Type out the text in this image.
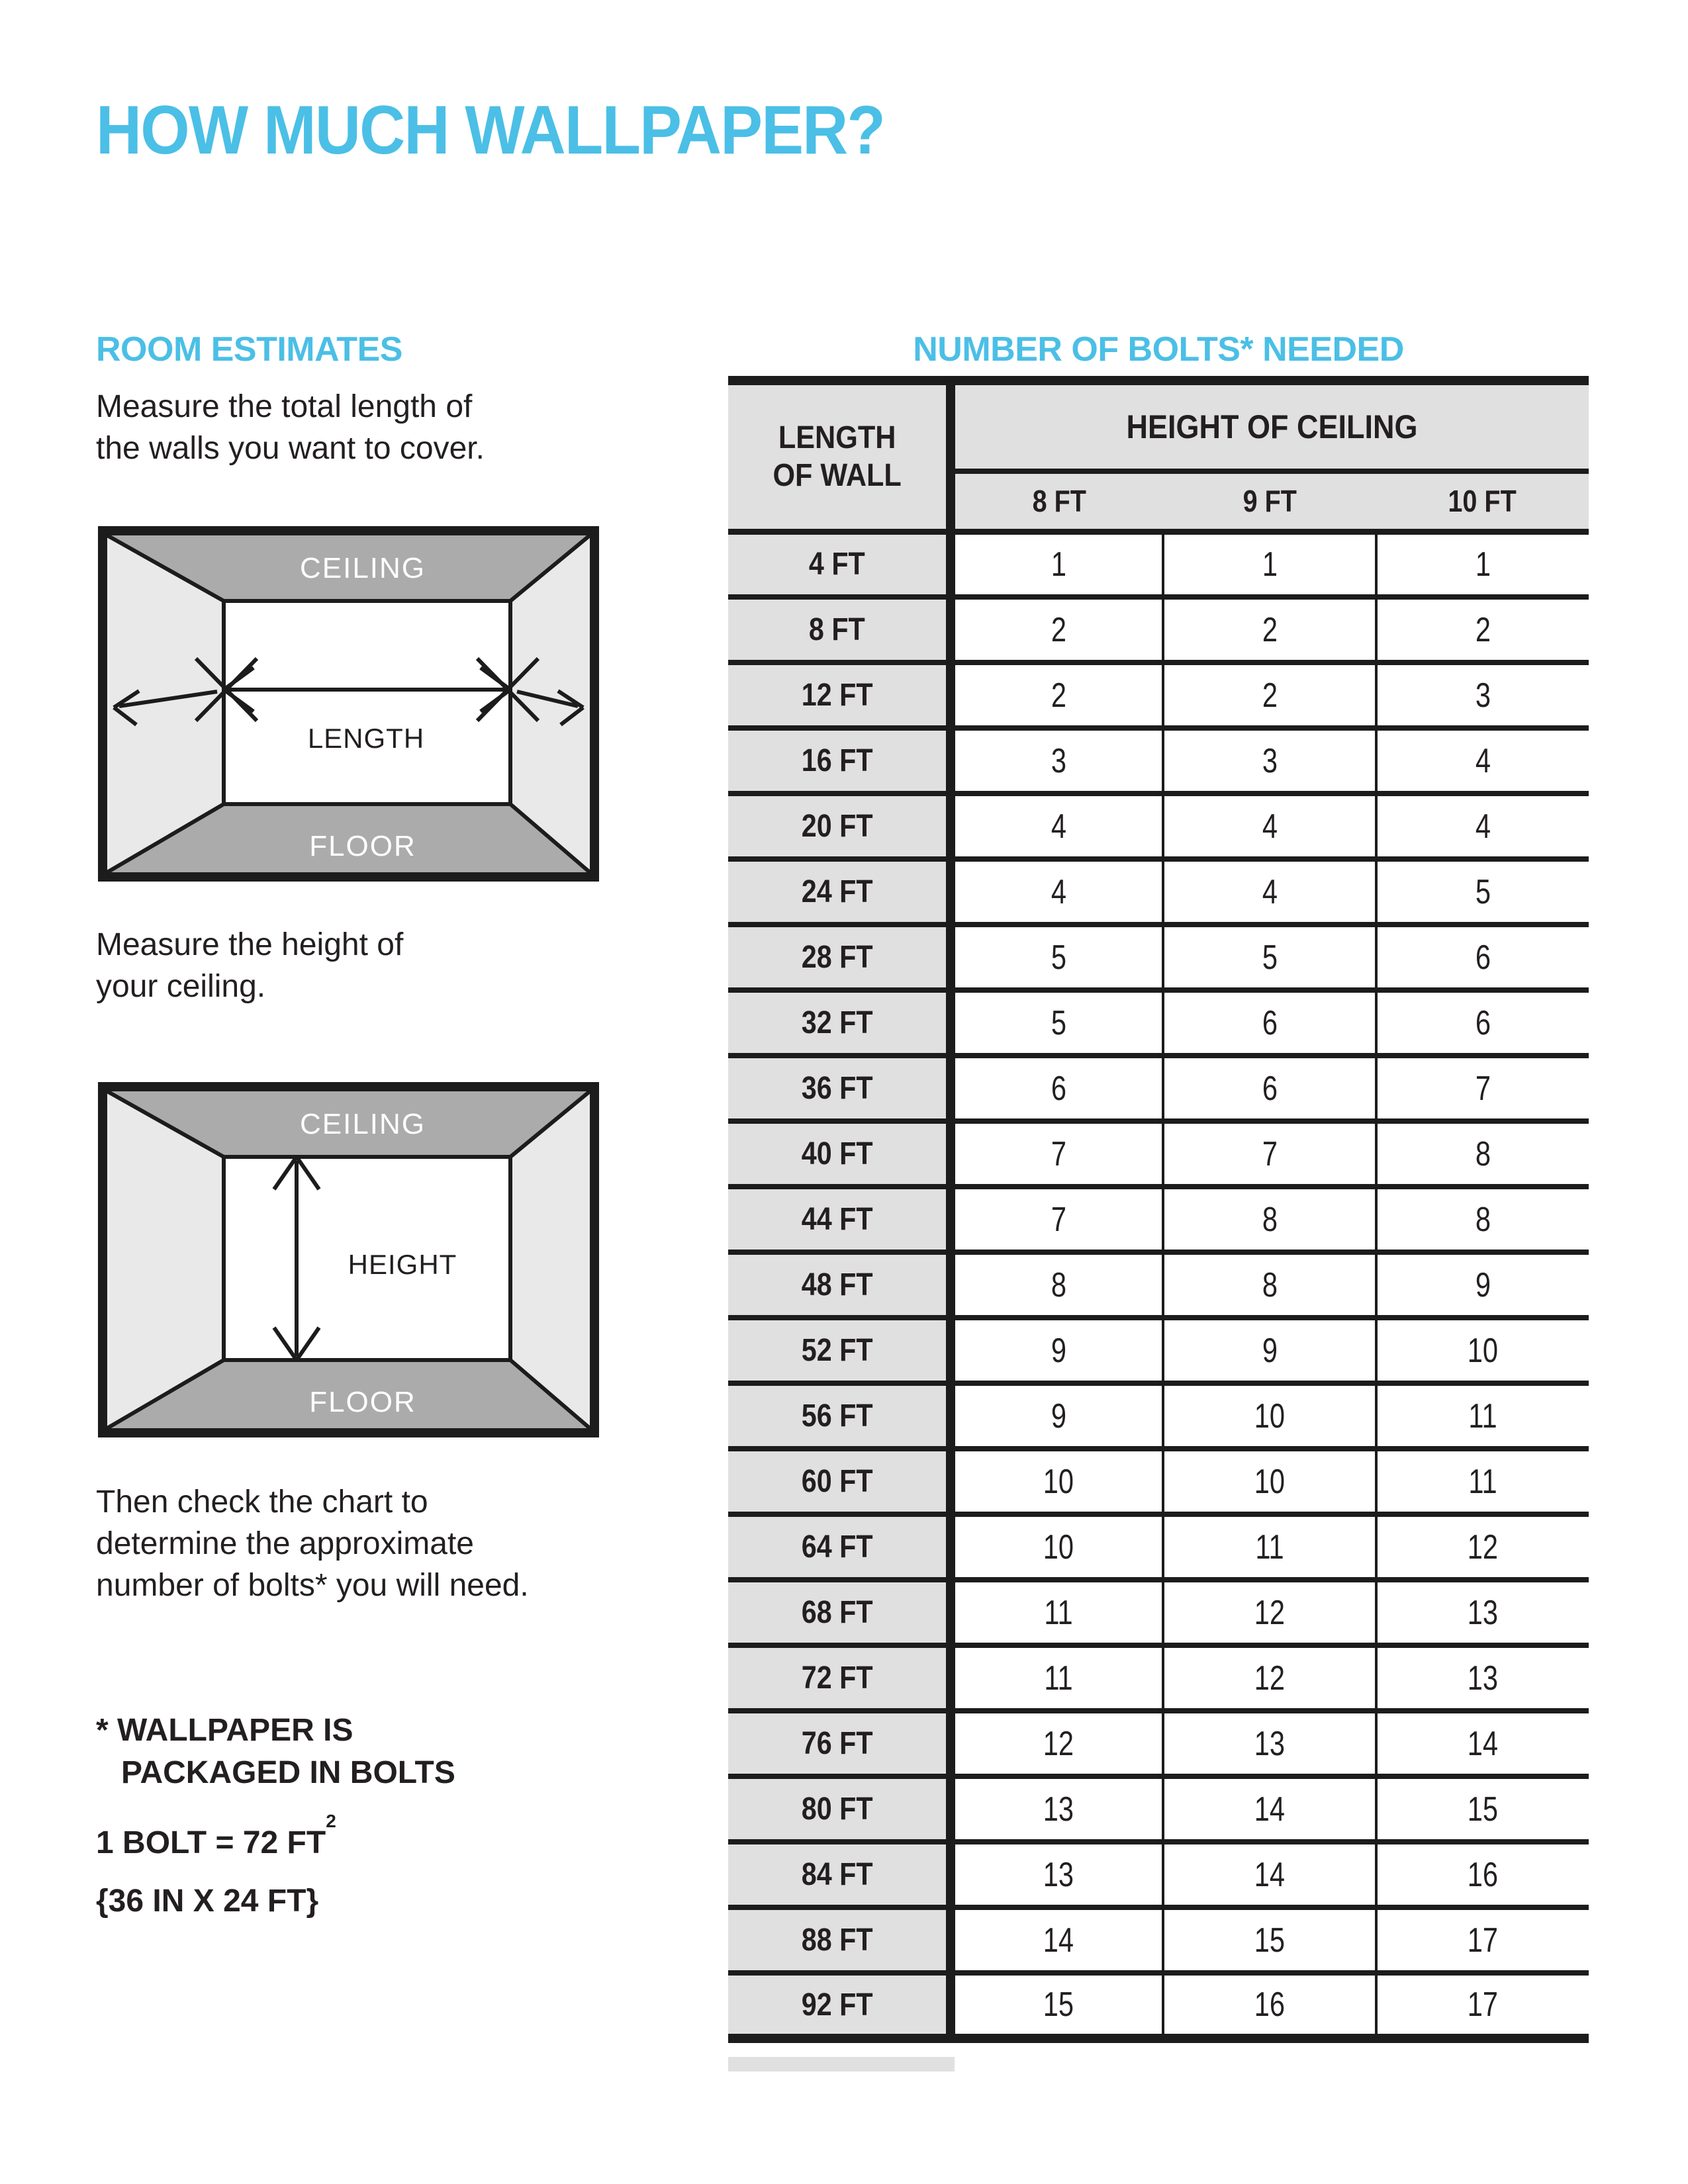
HOW MUCH WALLPAPER?
ROOM ESTIMATES	NUMBER OF BOLTS* NEEDED
Measure the total length of
the walls you want to cover.
CEILING
FLOOR
LENGTH
Measure the height of
your ceiling.
CEILING
FLOOR
HEIGHT
Then check the chart to
determine the approximate
number of bolts* you will need.
* WALLPAPER IS
PACKAGED IN BOLTS
1 BOLT = 72 $FT^2$
{36 IN X 24 FT}
LENGTH
OF WALL	HEIGHT OF CEILING		
	8 FT	9 FT	10 FT
4 FT	1	1	1
8 FT	2	2	2
12 FT	2	2	3
16 FT	3	3	4
20 FT	4	4	4
24 FT	4	4	5
28 FT	5	5	6
32 FT	5	6	6
36 FT	6	6	7
40 FT	7	7	8
44 FT	7	8	8
48 FT	8	8	9
52 FT	9	9	10
56 FT	9	10	11
60 FT	10	10	11
64 FT	10	11	12
68 FT	11	12	13
72 FT	11	12	13
76 FT	12	13	14
80 FT	13	14	15
84 FT	13	14	16
88 FT	14	15	17
92 FT	15	16	17
